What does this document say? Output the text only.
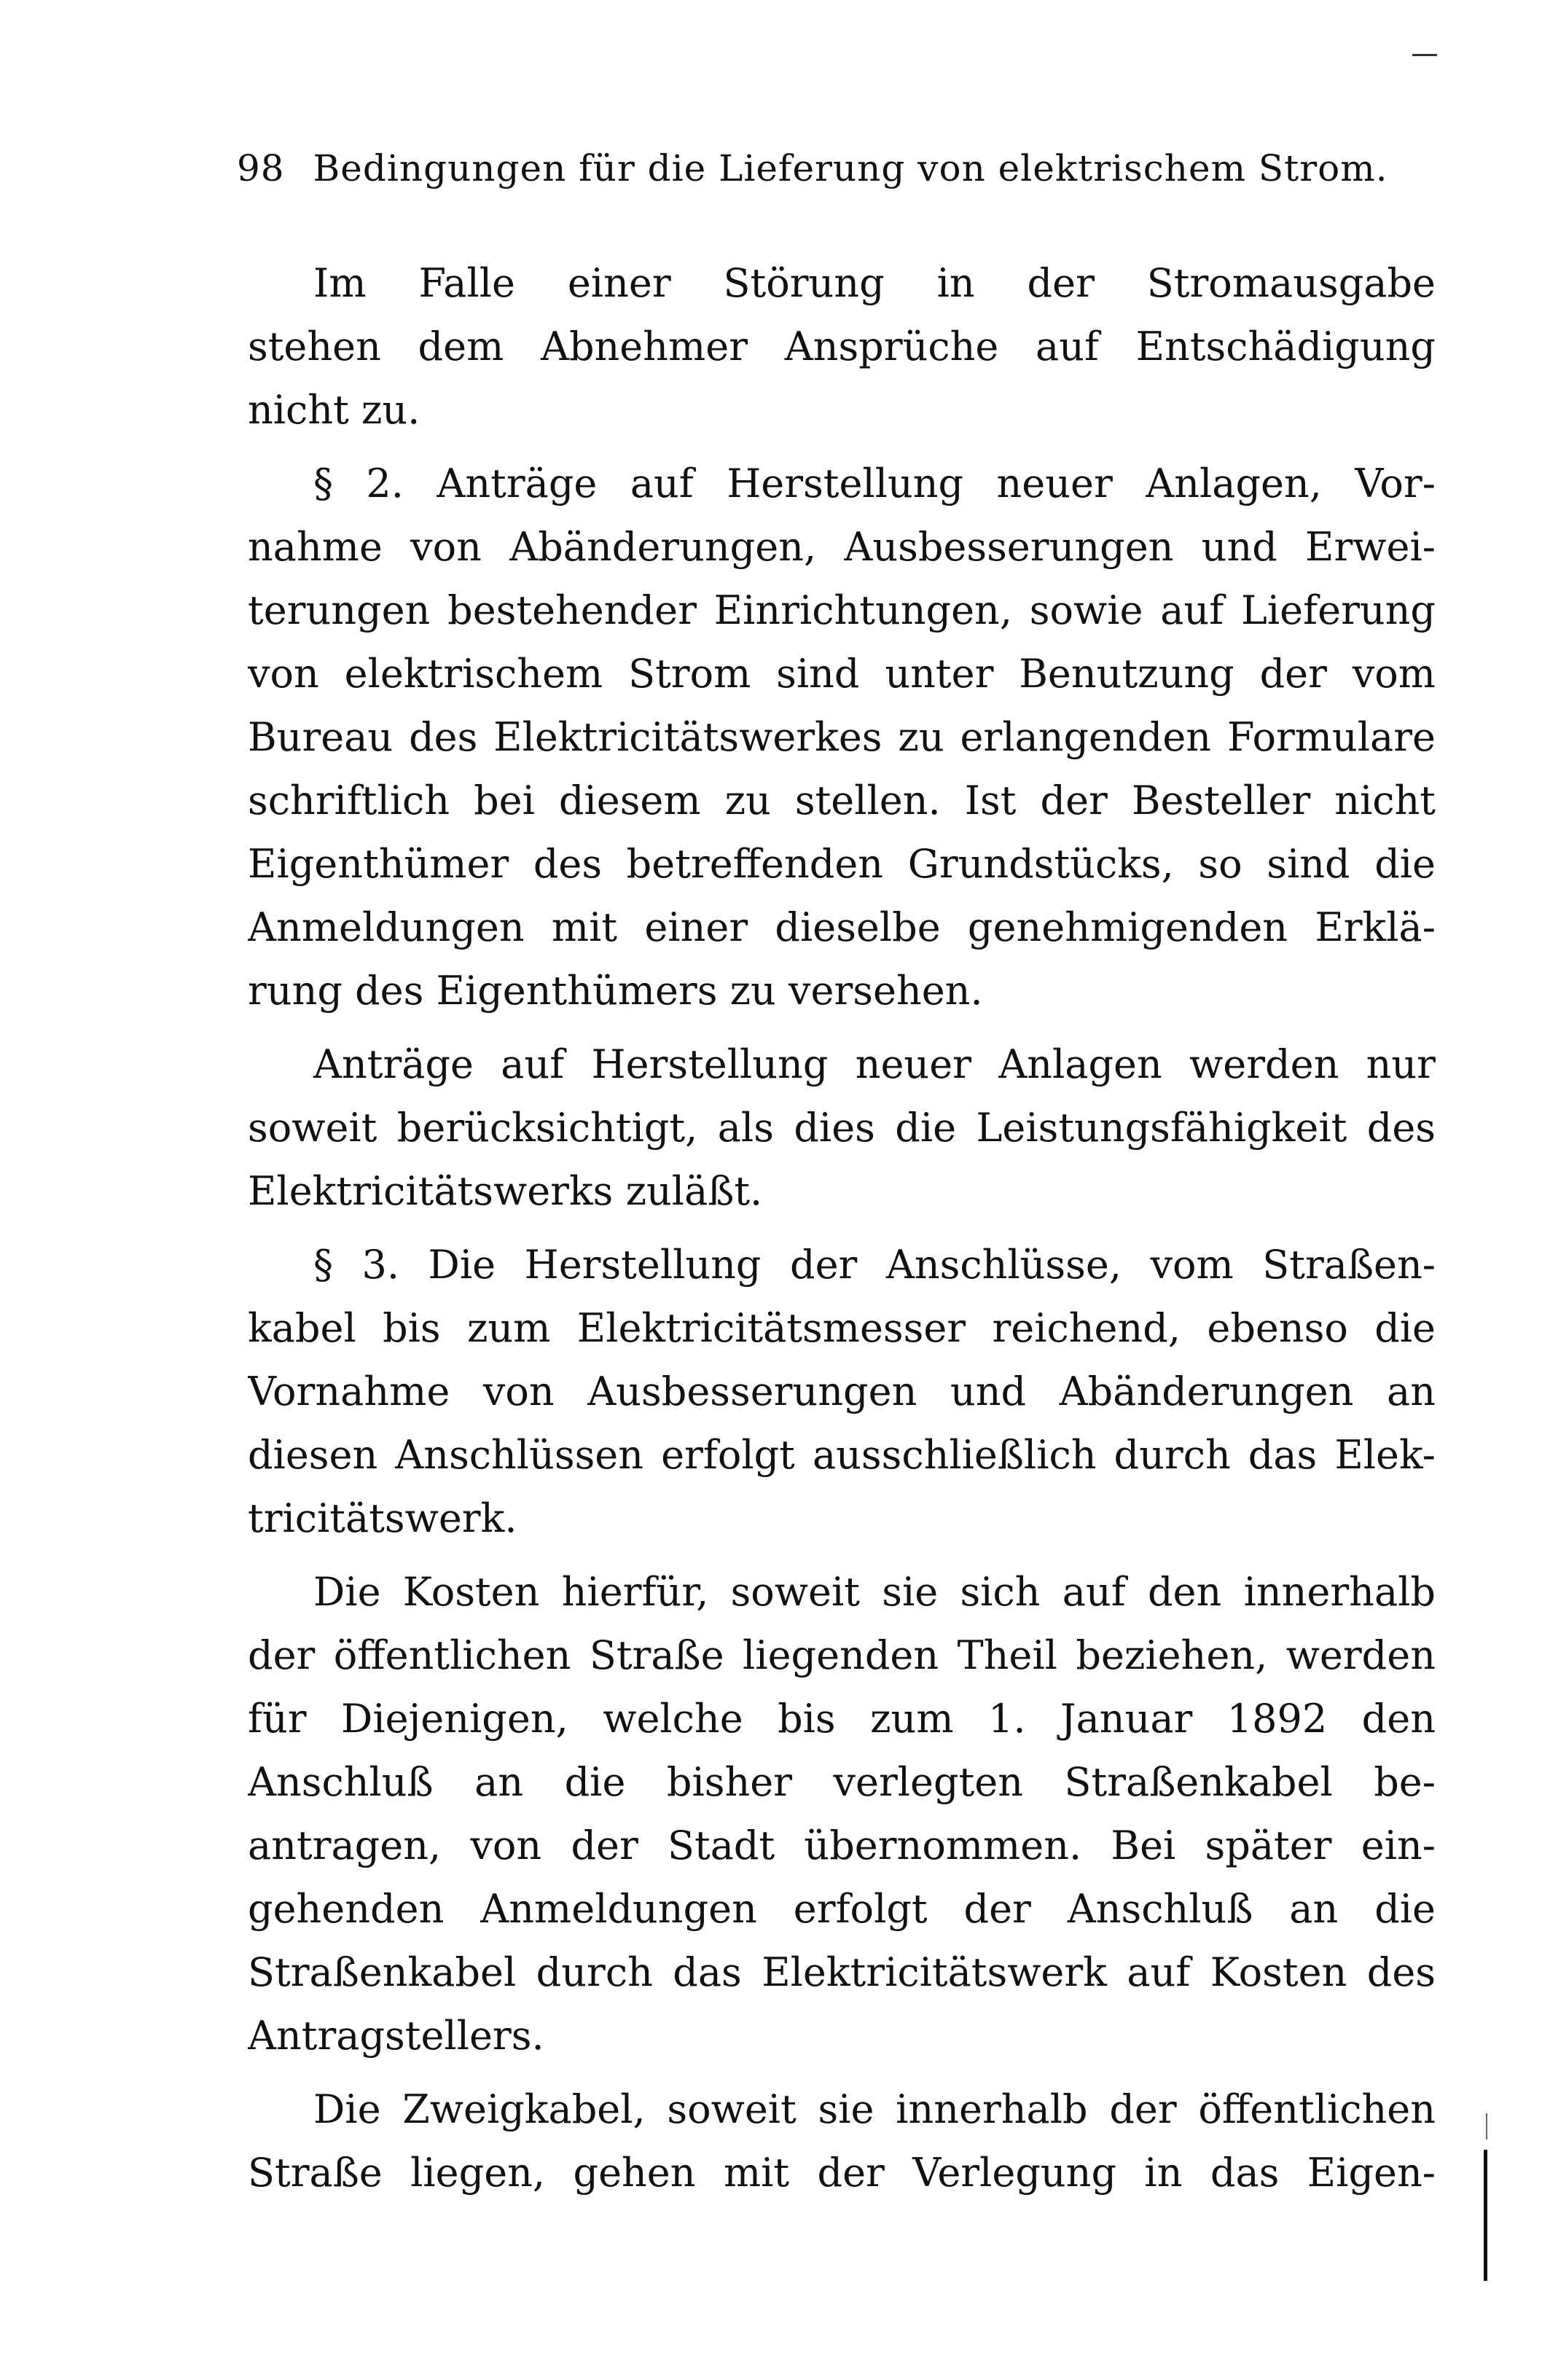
98 Bedingungen für die Lieferung von elektrischem Strom.
Im Falle einer Störung in der Stromausgabe
stehen dem Abnehmer Ansprüche auf Entschädigung
nicht zu.
§ 2. Anträge auf Herstellung neuer Anlagen, Vor-
nahme von Abänderungen, Ausbesserungen und Erwei-
terungen bestehender Einrichtungen, sowie auf Lieferung
von elektrischem Strom sind unter Benutzung der vom
Bureau des Elektricitätswerkes zu erlangenden Formulare
schriftlich bei diesem zu stellen. Ist der Besteller nicht
Eigenthümer des betreffenden Grundstücks, so sind die
Anmeldungen mit einer dieselbe genehmigenden Erklä-
rung des Eigenthümers zu versehen.
Anträge auf Herstellung neuer Anlagen werden nur
soweit berücksichtigt, als dies die Leistungsfähigkeit des
Elektricitätswerks zuläßt.
§ 3. Die Herstellung der Anschlüsse, vom Straßen-
kabel bis zum Elektricitätsmesser reichend, ebenso die
Vornahme von Ausbesserungen und Abänderungen an
diesen Anschlüssen erfolgt ausschließlich durch das Elek-
tricitätswerk.
Die Kosten hierfür, soweit sie sich auf den innerhalb
der öffentlichen Straße liegenden Theil beziehen, werden
für Diejenigen, welche bis zum 1. Januar 1892 den
Anschluß an die bisher verlegten Straßenkabel be-
antragen, von der Stadt übernommen. Bei später ein-
gehenden Anmeldungen erfolgt der Anschluß an die
Straßenkabel durch das Elektricitätswerk auf Kosten des
Antragstellers.
Die Zweigkabel, soweit sie innerhalb der öffentlichen
Straße liegen, gehen mit der Verlegung in das Eigen-
